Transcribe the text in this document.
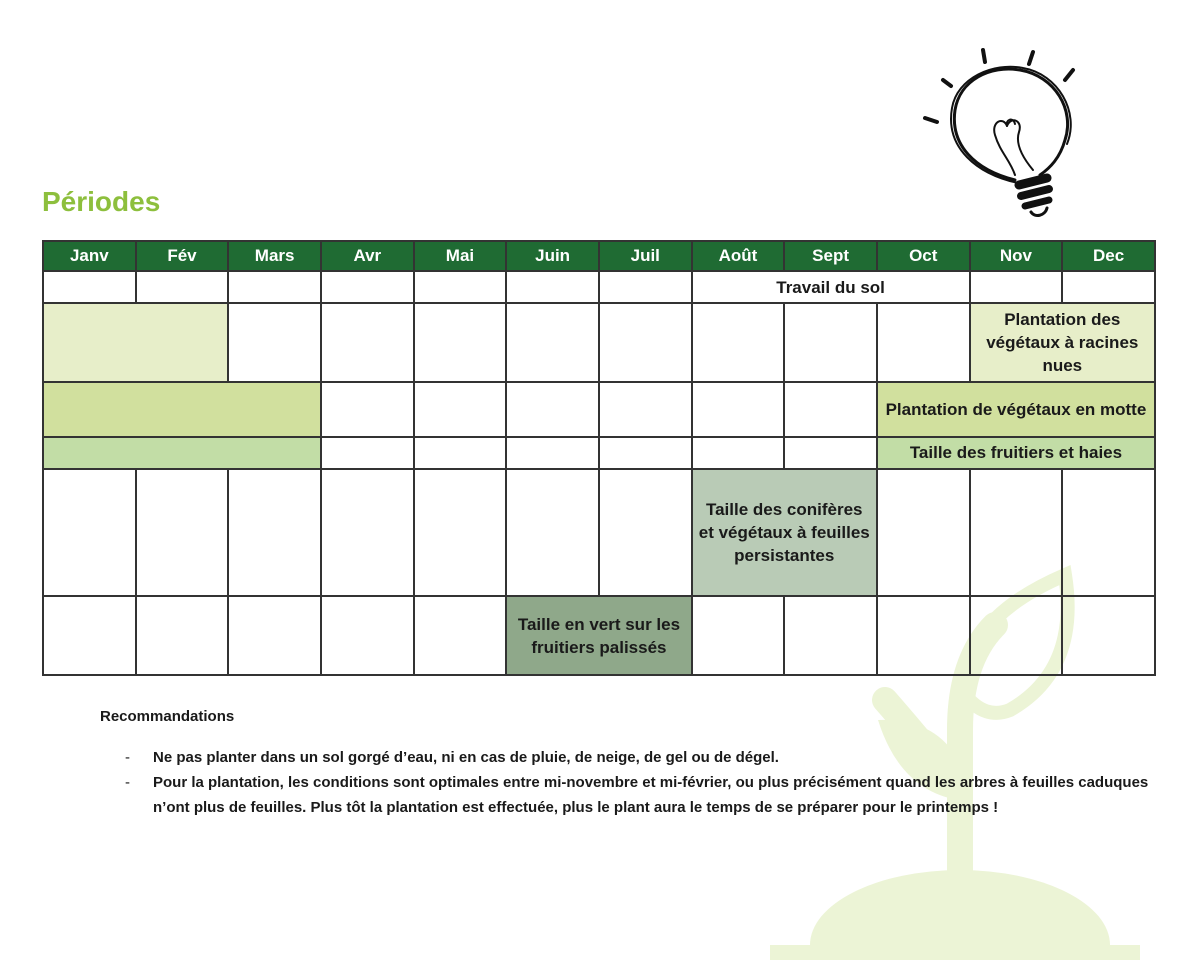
Périodes
Janv	Fév	Mars	Avr	Mai	Juin	Juil	Août	Sept	Oct	Nov	Dec
							Travail du sol				
										Plantation des végétaux à racines nues	
									Plantation de végétaux en motte		
									Taille des fruitiers et haies		
							Taille des conifères et végétaux à feuilles persistantes				
					Taille en vert sur les fruitiers palissés						
Recommandations
- Ne pas planter dans un sol gorgé d’eau, ni en cas de pluie, de neige, de gel ou de dégel.
- Pour la plantation, les conditions sont optimales entre mi-novembre et mi-février, ou plus précisément quand les arbres à feuilles caduques n’ont plus de feuilles. Plus tôt la plantation est effectuée, plus le plant aura le temps de se préparer pour le printemps !
